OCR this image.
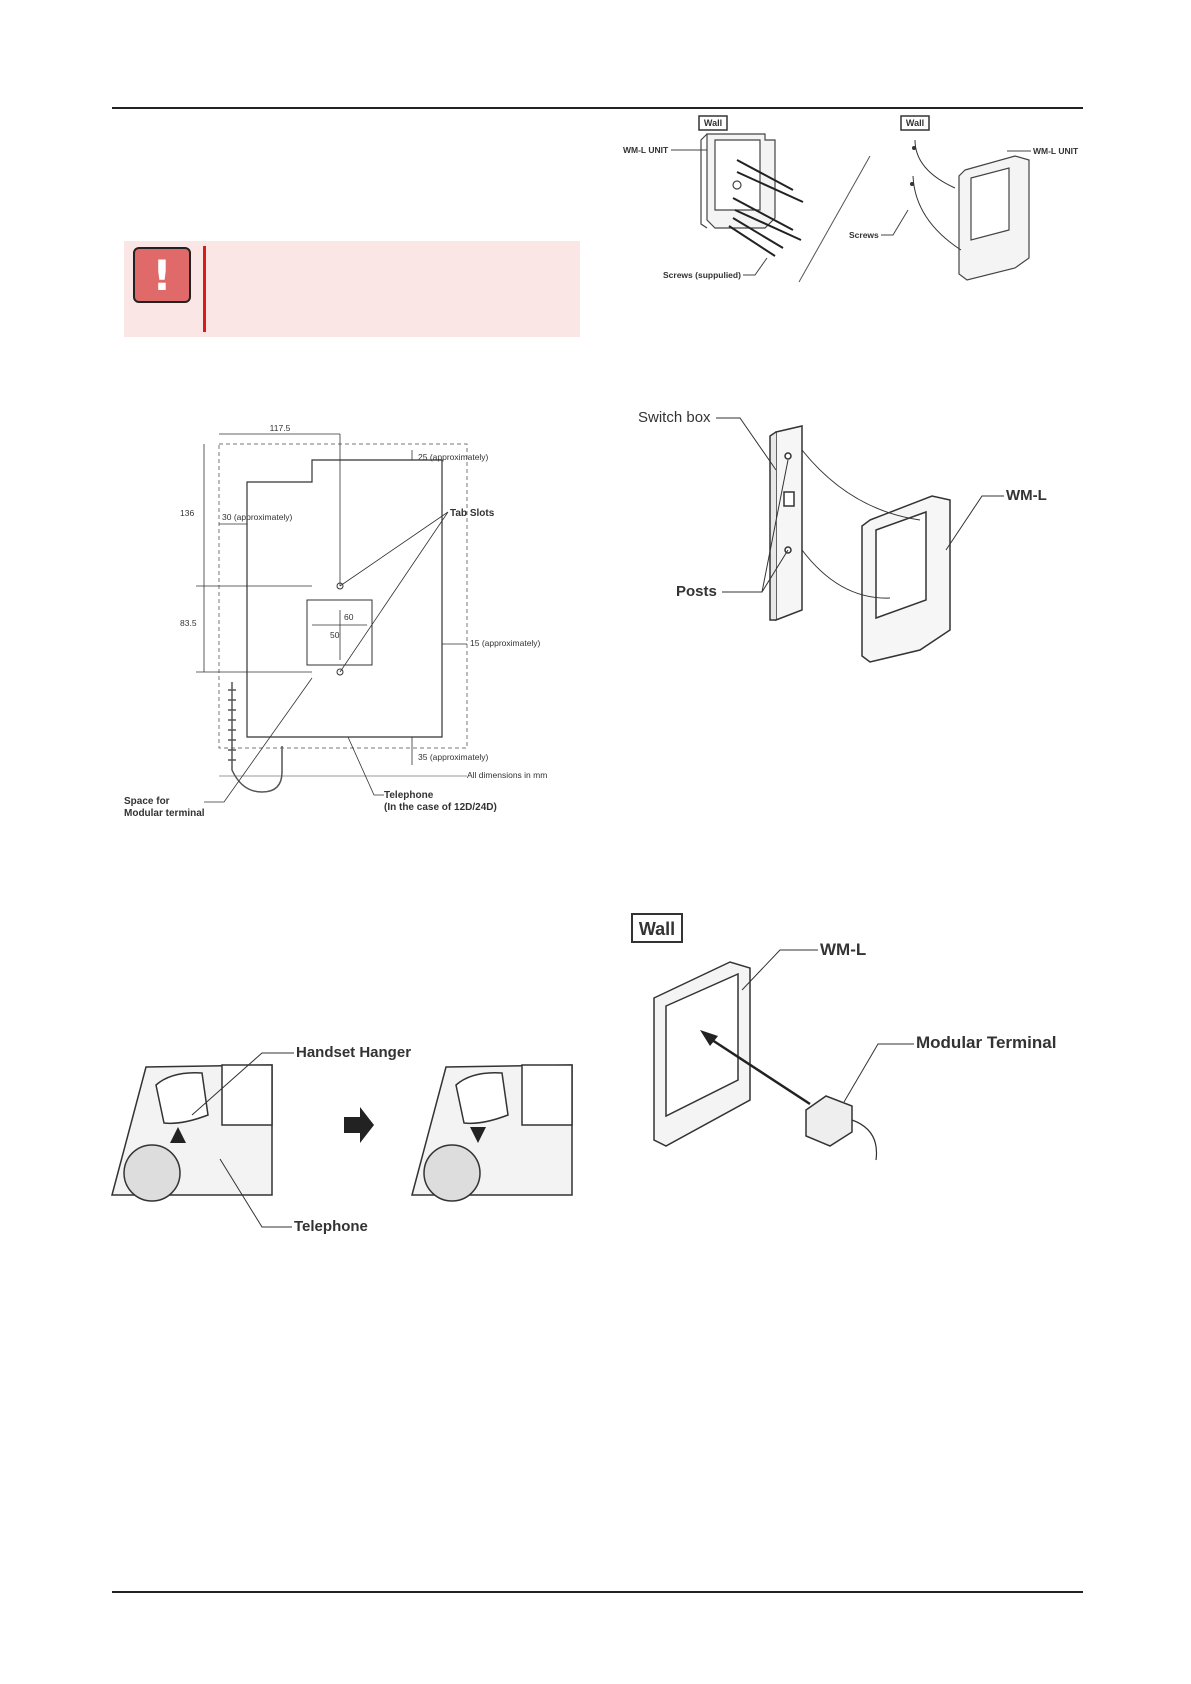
!
Wall	Wall
WM-L UNIT
Screws (suppulied)
Screws
WM-L UNIT
Switch box
WM-L
Posts
117.5
25 (approximately)
136
83.5
30 (approximately)	Tab Slots
60
50
15 (approximately)
35 (approximately)
All dimensions in mm
Space for
Modular terminal
Telephone
(In the case of 12D/24D)
Handset Hanger
Telephone
Wall
WM-L
Modular Terminal
